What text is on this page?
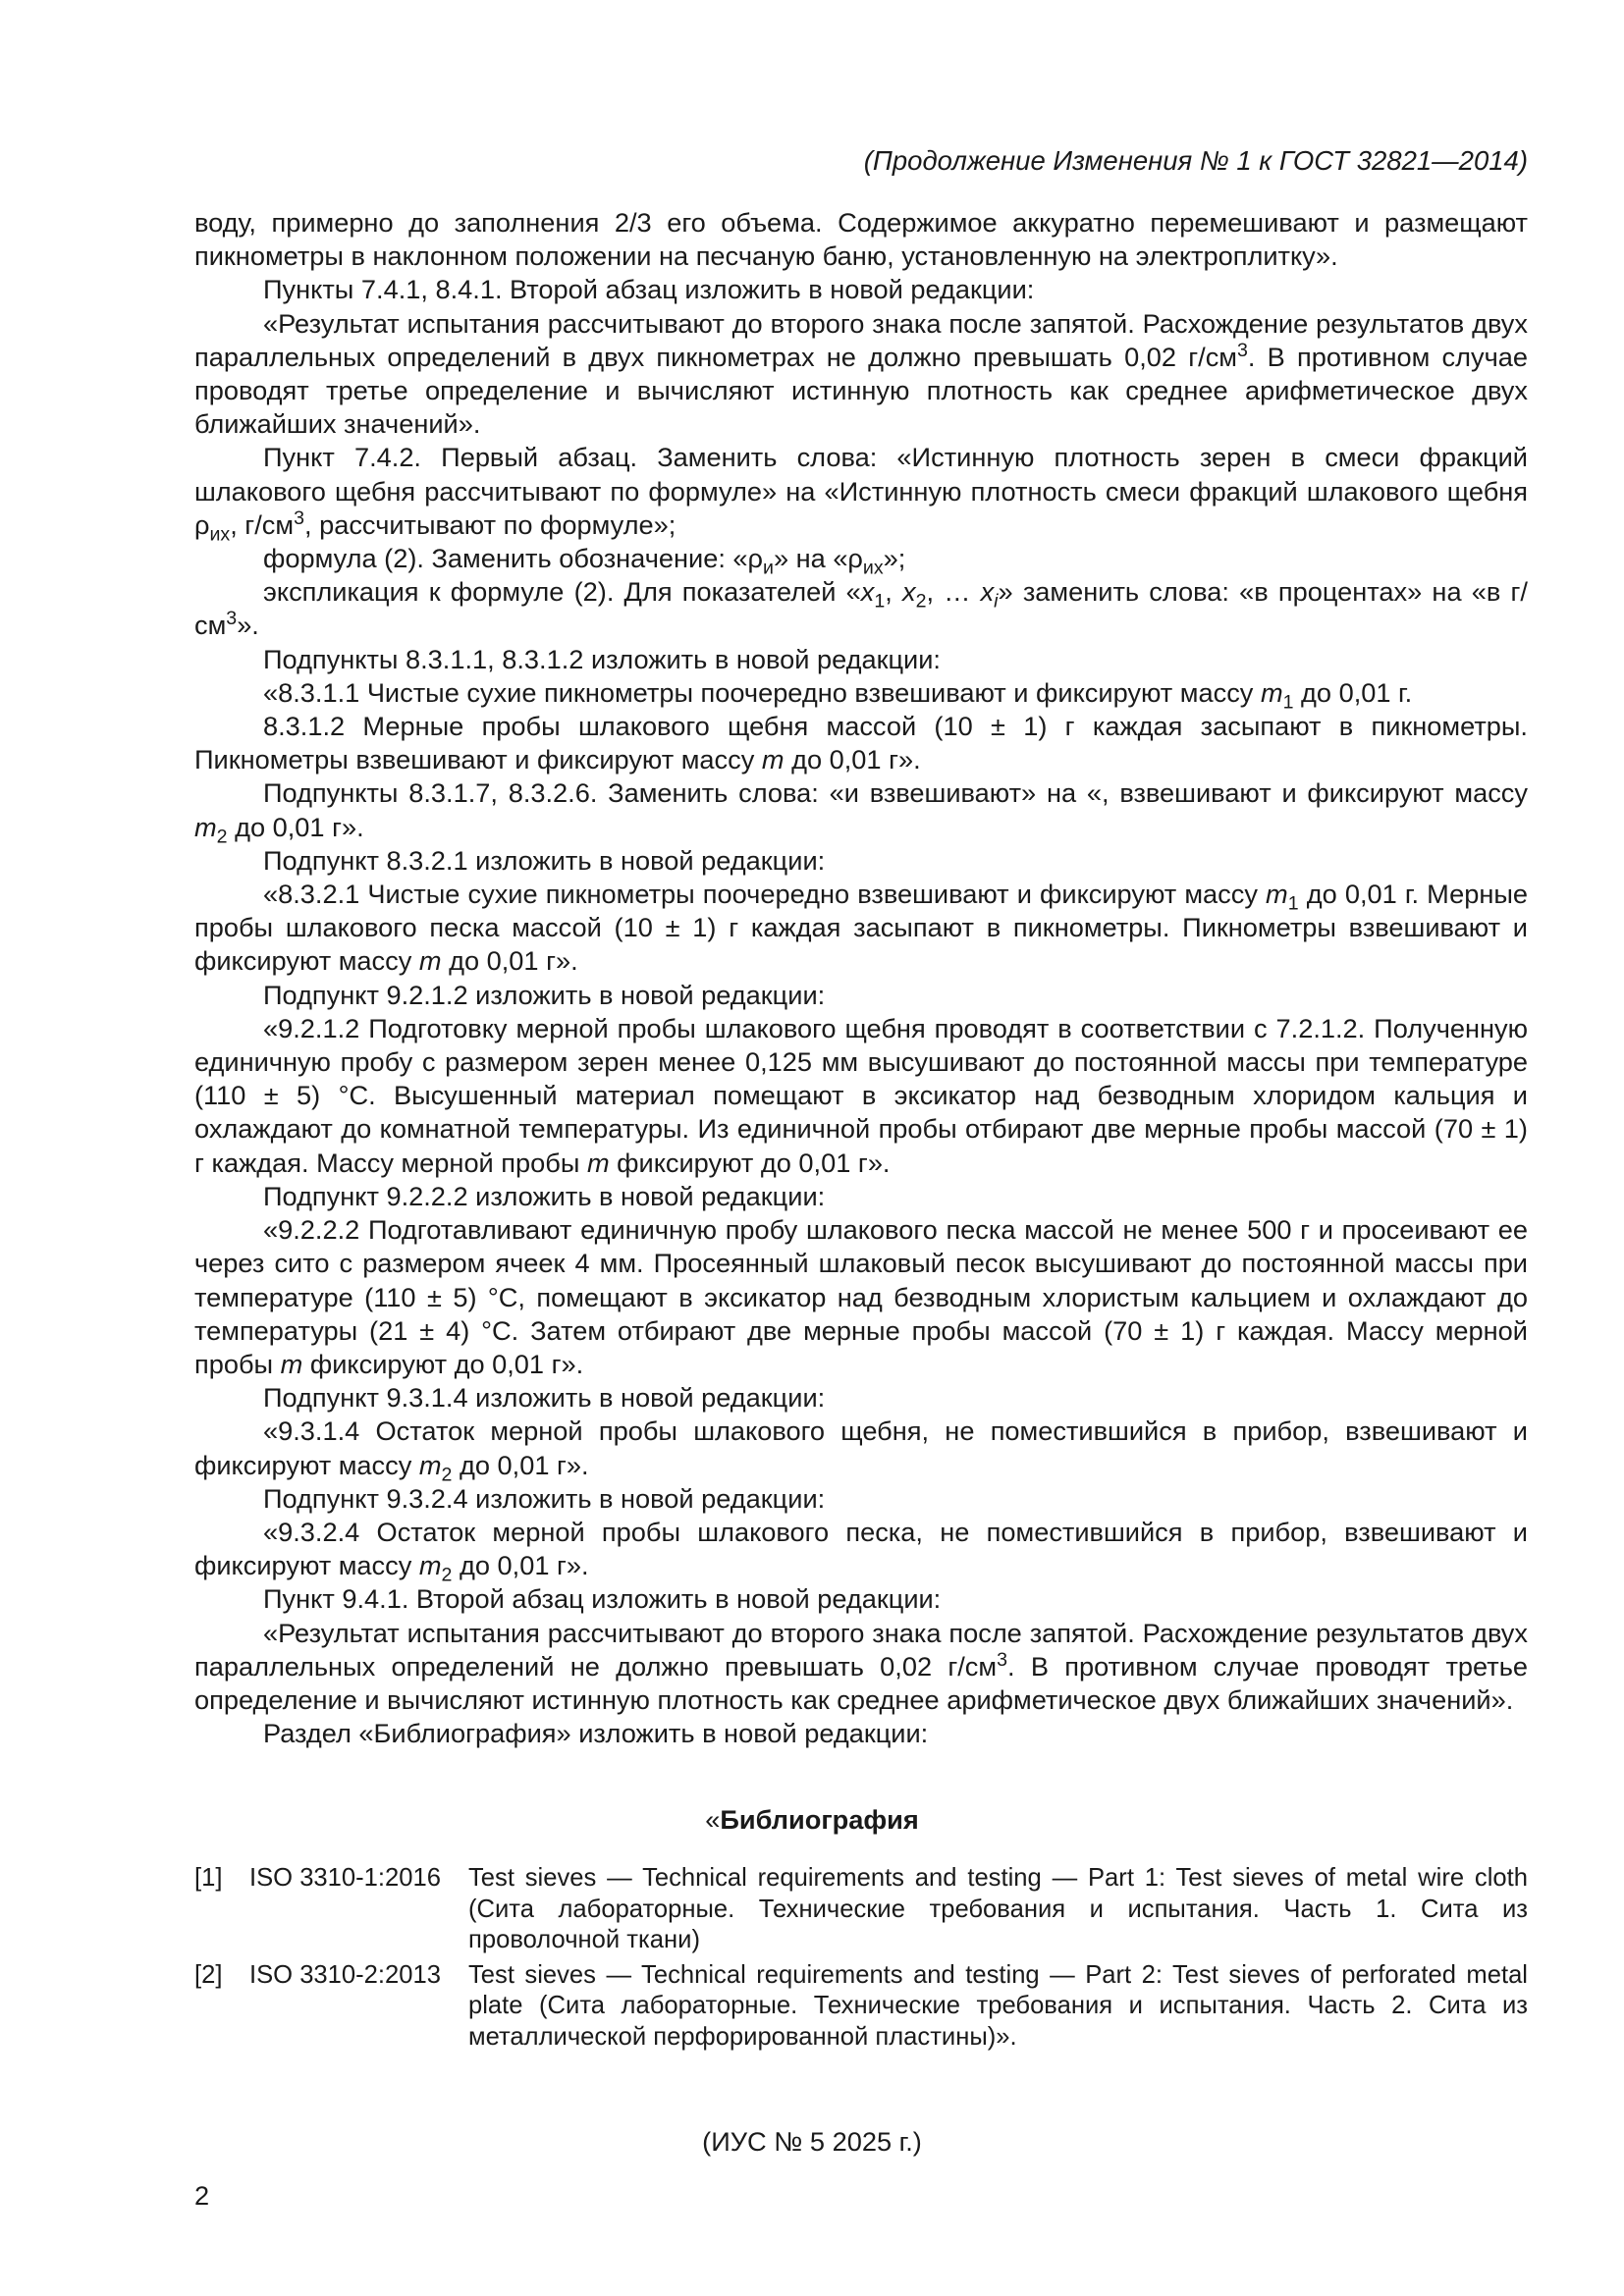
(Продолжение Изменения № 1 к ГОСТ 32821—2014)

воду, примерно до заполнения 2/3 его объема. Содержимое аккуратно перемешивают и размещают пикнометры в наклонном положении на песчаную баню, установленную на электроплитку».

Пункты 7.4.1, 8.4.1. Второй абзац изложить в новой редакции:

«Результат испытания рассчитывают до второго знака после запятой. Расхождение результатов двух параллельных определений в двух пикнометрах не должно превышать 0,02 $г/см^3$. В противном случае проводят третье определение и вычисляют истинную плотность как среднее арифметическое двух ближайших значений».

Пункт 7.4.2. Первый абзац. Заменить слова: «Истинную плотность зерен в смеси фракций шлакового щебня рассчитывают по формуле» на «Истинную плотность смеси фракций шлакового щебня $\rho_{их}$, $г/см^3$, рассчитывают по формуле»;

формула (2). Заменить обозначение: «$\rho_и$» на «$\rho_{их}$»;

экспликация к формуле (2). Для показателей «$x_1$, $x_2$, … $x_i$» заменить слова: «в процентах» на «в $г/см^3$».

Подпункты 8.3.1.1, 8.3.1.2 изложить в новой редакции:

«8.3.1.1 Чистые сухие пикнометры поочередно взвешивают и фиксируют массу $m_1$ до 0,01 г.

8.3.1.2 Мерные пробы шлакового щебня массой (10 ± 1) г каждая засыпают в пикнометры. Пикнометры взвешивают и фиксируют массу m до 0,01 г».

Подпункты 8.3.1.7, 8.3.2.6. Заменить слова: «и взвешивают» на «, взвешивают и фиксируют массу $m_2$ до 0,01 г».

Подпункт 8.3.2.1 изложить в новой редакции:

«8.3.2.1 Чистые сухие пикнометры поочередно взвешивают и фиксируют массу $m_1$ до 0,01 г. Мерные пробы шлакового песка массой (10 ± 1) г каждая засыпают в пикнометры. Пикнометры взвешивают и фиксируют массу m до 0,01 г».

Подпункт 9.2.1.2 изложить в новой редакции:

«9.2.1.2 Подготовку мерной пробы шлакового щебня проводят в соответствии с 7.2.1.2. Полученную единичную пробу с размером зерен менее 0,125 мм высушивают до постоянной массы при температуре (110 ± 5) °С. Высушенный материал помещают в эксикатор над безводным хлоридом кальция и охлаждают до комнатной температуры. Из единичной пробы отбирают две мерные пробы массой (70 ± 1) г каждая. Массу мерной пробы m фиксируют до 0,01 г».

Подпункт 9.2.2.2 изложить в новой редакции:

«9.2.2.2 Подготавливают единичную пробу шлакового песка массой не менее 500 г и просеивают ее через сито с размером ячеек 4 мм. Просеянный шлаковый песок высушивают до постоянной массы при температуре (110 ± 5) °С, помещают в эксикатор над безводным хлористым кальцием и охлаждают до температуры (21 ± 4) °С. Затем отбирают две мерные пробы массой (70 ± 1) г каждая. Массу мерной пробы m фиксируют до 0,01 г».

Подпункт 9.3.1.4 изложить в новой редакции:

«9.3.1.4 Остаток мерной пробы шлакового щебня, не поместившийся в прибор, взвешивают и фиксируют массу $m_2$ до 0,01 г».

Подпункт 9.3.2.4 изложить в новой редакции:

«9.3.2.4 Остаток мерной пробы шлакового песка, не поместившийся в прибор, взвешивают и фиксируют массу $m_2$ до 0,01 г».

Пункт 9.4.1. Второй абзац изложить в новой редакции:

«Результат испытания рассчитывают до второго знака после запятой. Расхождение результатов двух параллельных определений не должно превышать 0,02 $г/см^3$. В противном случае проводят третье определение и вычисляют истинную плотность как среднее арифметическое двух ближайших значений».

Раздел «Библиография» изложить в новой редакции:

«Библиография
[1]	ISO 3310-1:2016	Test sieves — Technical requirements and testing — Part 1: Test sieves of metal wire cloth (Сита лабораторные. Технические требования и испытания. Часть 1. Сита из проволочной ткани)
[2]	ISO 3310-2:2013	Test sieves — Technical requirements and testing — Part 2: Test sieves of perforated metal plate (Сита лабораторные. Технические требования и испытания. Часть 2. Сита из металлической перфорированной пластины)».
(ИУС № 5 2025 г.)
2
